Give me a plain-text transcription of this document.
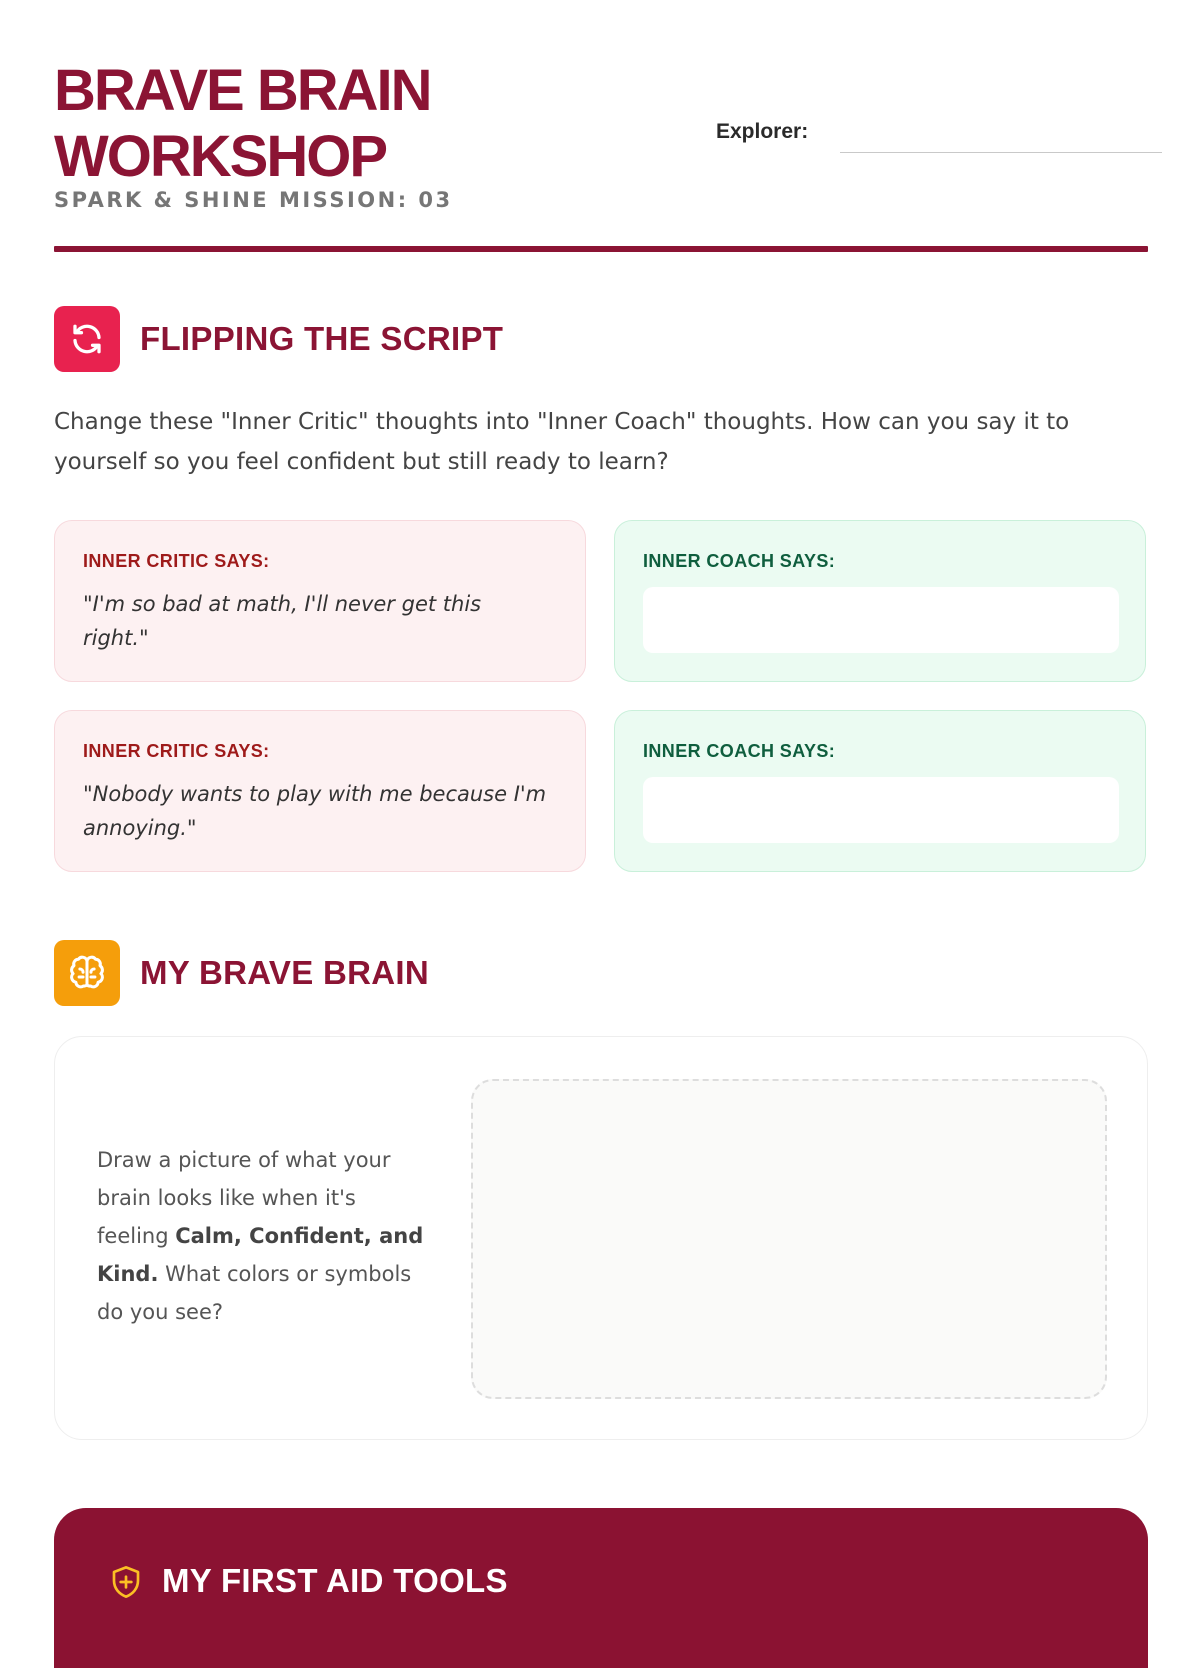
BRAVE BRAIN WORKSHOP
SPARK & SHINE MISSION: 03
Explorer:
FLIPPING THE SCRIPT
Change these "Inner Critic" thoughts into "Inner Coach" thoughts. How can you say it to yourself so you feel confident but still ready to learn?
INNER CRITIC SAYS:
"I'm so bad at math, I'll never get this right."
INNER COACH SAYS:
INNER CRITIC SAYS:
"Nobody wants to play with me because I'm annoying."
INNER COACH SAYS:
MY BRAVE BRAIN
Draw a picture of what your brain looks like when it's feeling Calm, Confident, and Kind. What colors or symbols do you see?
MY FIRST AID TOOLS
